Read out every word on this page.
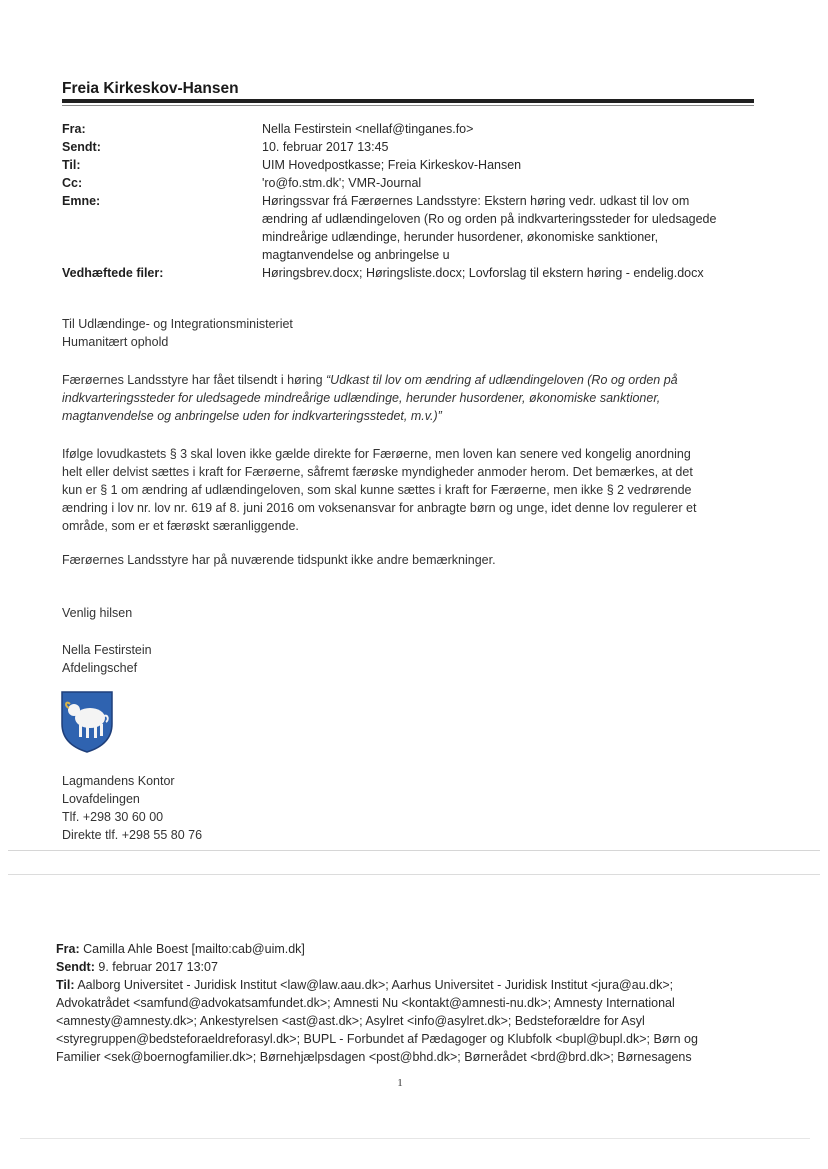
Freia Kirkeskov-Hansen
Fra:	Nella Festirstein <nellaf@tinganes.fo>
Sendt:	10. februar 2017 13:45
Til:	UIM Hovedpostkasse; Freia Kirkeskov-Hansen
Cc:	'ro@fo.stm.dk'; VMR-Journal
Emne:	Høringssvar frá Færøernes Landsstyre: Ekstern høring vedr. udkast til lov om
ændring af udlændingeloven (Ro og orden på indkvarteringssteder for uledsagede
mindreårige udlændinge, herunder husordener, økonomiske sanktioner,
magtanvendelse og anbringelse u
Vedhæftede filer:	Høringsbrev.docx; Høringsliste.docx; Lovforslag til ekstern høring - endelig.docx

Til Udlændinge- og Integrationsministeriet

Humanitært ophold

Færøernes Landsstyre har fået tilsendt i høring “Udkast til lov om ændring af udlændingeloven (Ro og orden på

indkvarteringssteder for uledsagede mindreårige udlændinge, herunder husordener, økonomiske sanktioner,

magtanvendelse og anbringelse uden for indkvarteringsstedet, m.v.)”

Ifølge lovudkastets § 3 skal loven ikke gælde direkte for Færøerne, men loven kan senere ved kongelig anordning

helt eller delvist sættes i kraft for Færøerne, såfremt færøske myndigheder anmoder herom. Det bemærkes, at det

kun er § 1 om ændring af udlændingeloven, som skal kunne sættes i kraft for Færøerne, men ikke § 2 vedrørende

ændring i lov nr. lov nr. 619 af 8. juni 2016 om voksenansvar for anbragte børn og unge, idet denne lov regulerer et

område, som er et færøskt særanliggende.

Færøernes Landsstyre har på nuværende tidspunkt ikke andre bemærkninger.

Venlig hilsen

Nella Festirstein

Afdelingschef

Lagmandens Kontor

Lovafdelingen

Tlf. +298 30 60 00

Direkte tlf. +298 55 80 76

Fra: Camilla Ahle Boest [mailto:cab@uim.dk]
Sendt: 9. februar 2017 13:07
Til: Aalborg Universitet - Juridisk Institut <law@law.aau.dk>; Aarhus Universitet - Juridisk Institut <jura@au.dk>;
Advokatrådet <samfund@advokatsamfundet.dk>; Amnesti Nu <kontakt@amnesti-nu.dk>; Amnesty International
<amnesty@amnesty.dk>; Ankestyrelsen <ast@ast.dk>; Asylret <info@asylret.dk>; Bedsteforældre for Asyl
<styregruppen@bedsteforaeldreforasyl.dk>; BUPL - Forbundet af Pædagoger og Klubfolk <bupl@bupl.dk>; Børn og
Familier <sek@boernogfamilier.dk>; Børnehjælpsdagen <post@bhd.dk>; Børnerådet <brd@brd.dk>; Børnesagens
1
